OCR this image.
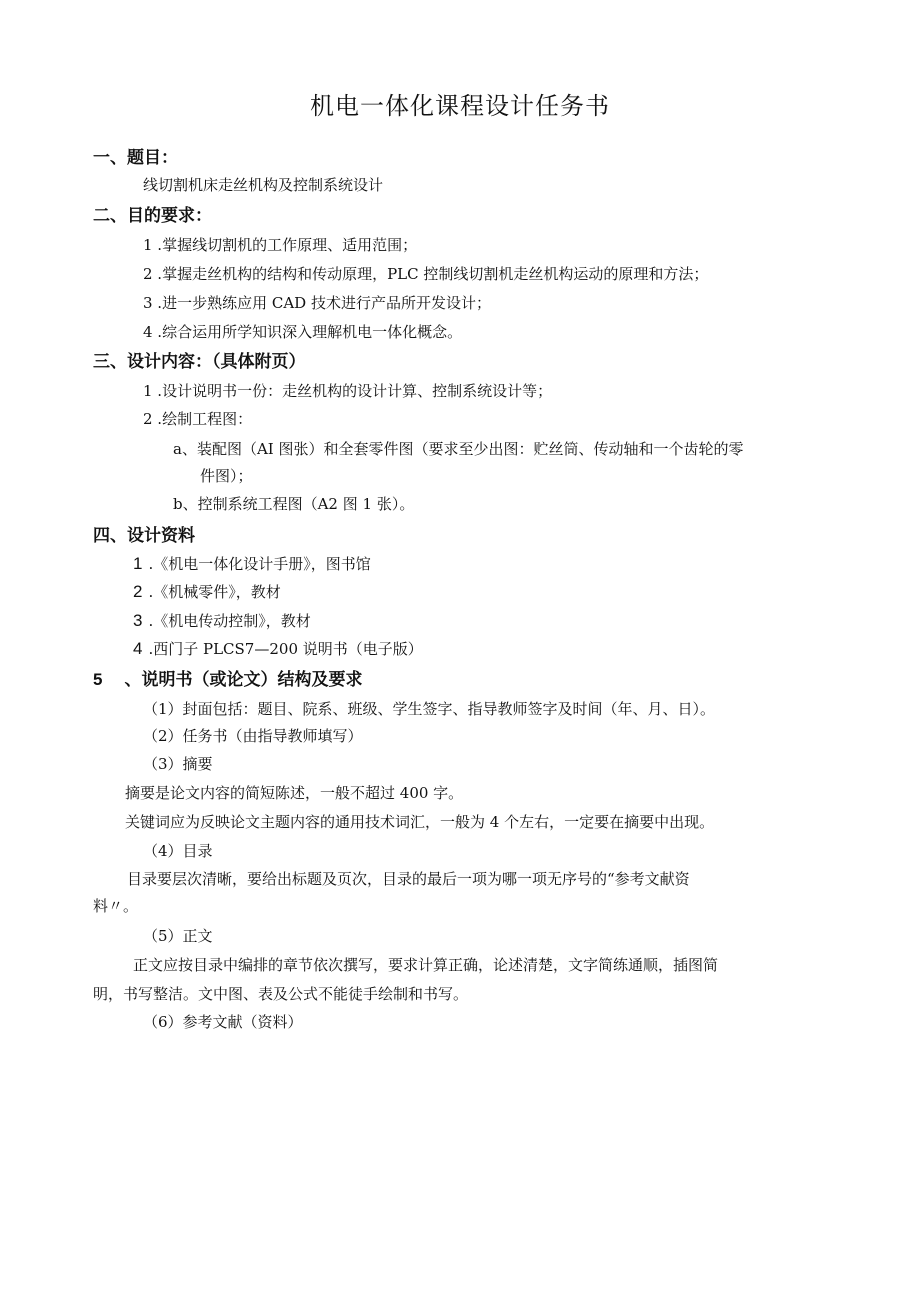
机电一体化课程设计任务书
一、题目：
线切割机床走丝机构及控制系统设计
二、目的要求：
1 .掌握线切割机的工作原理、适用范围；
2 .掌握走丝机构的结构和传动原理，PLC 控制线切割机走丝机构运动的原理和方法；
3 .进一步熟练应用 CAD 技术进行产品所开发设计；
4 .综合运用所学知识深入理解机电一体化概念。
三、设计内容：（具体附页）
1 .设计说明书一份：走丝机构的设计计算、控制系统设计等；
2 .绘制工程图：
a、装配图（AI 图张）和全套零件图（要求至少出图：贮丝筒、传动轴和一个齿轮的零
件图）；
b、控制系统工程图（A2 图 1 张）。
四、设计资料
1 .《机电一体化设计手册》，图书馆
2 .《机械零件》，教材
3 .《机电传动控制》，教材
4 .西门子 PLCS7—200 说明书（电子版）
5 、说明书（或论文）结构及要求
（1）封面包括：题目、院系、班级、学生签字、指导教师签字及时间（年、月、日）。
（2）任务书（由指导教师填写）
（3）摘要
摘要是论文内容的简短陈述，一般不超过 400 字。
关键词应为反映论文主题内容的通用技术词汇，一般为 4 个左右，一定要在摘要中出现。
（4）目录
目录要层次清晰，要给出标题及页次，目录的最后一项为哪一项无序号的“参考文献资
料〃。
（5）正文
正文应按目录中编排的章节依次撰写，要求计算正确，论述清楚，文字简练通顺，插图简
明，书写整洁。文中图、表及公式不能徒手绘制和书写。
（6）参考文献（资料）
